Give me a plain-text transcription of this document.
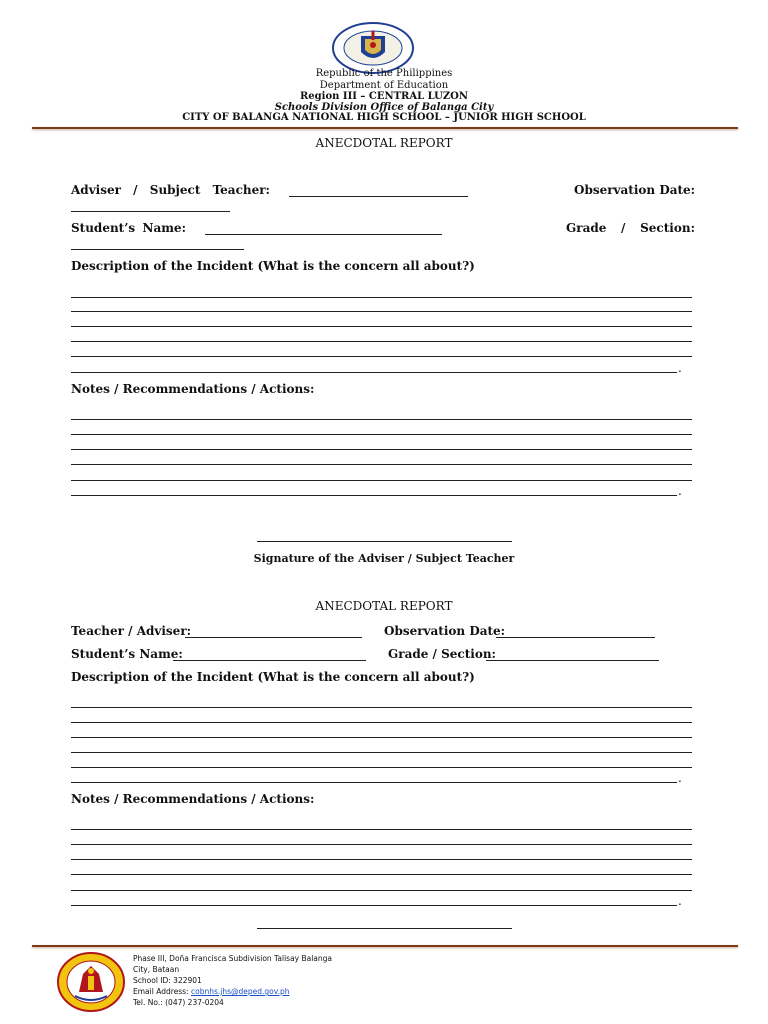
Republic of the Philippines
Department of Education
Region III – CENTRAL LUZON
Schools Division Office of Balanga City
CITY OF BALANGA NATIONAL HIGH SCHOOL – JUNIOR HIGH SCHOOL
ANECDOTAL REPORT
Adviser / Subject Teacher:	Observation Date:
Student’s Name:	Grade / Section:
Description of the Incident (What is the concern all about?)
.
Notes / Recommendations / Actions:
.
Signature of the Adviser / Subject Teacher
ANECDOTAL REPORT
Teacher / Adviser:	Observation Date:
Student’s Name:	Grade / Section:
Description of the Incident (What is the concern all about?)
.
Notes / Recommendations / Actions:
.
Phase III, Doña Francisca Subdivision Talisay Balanga
City, Bataan
School ID: 322901
Email Address: cobnhs.jhs@deped.gov.ph
Tel. No.: (047) 237-0204
